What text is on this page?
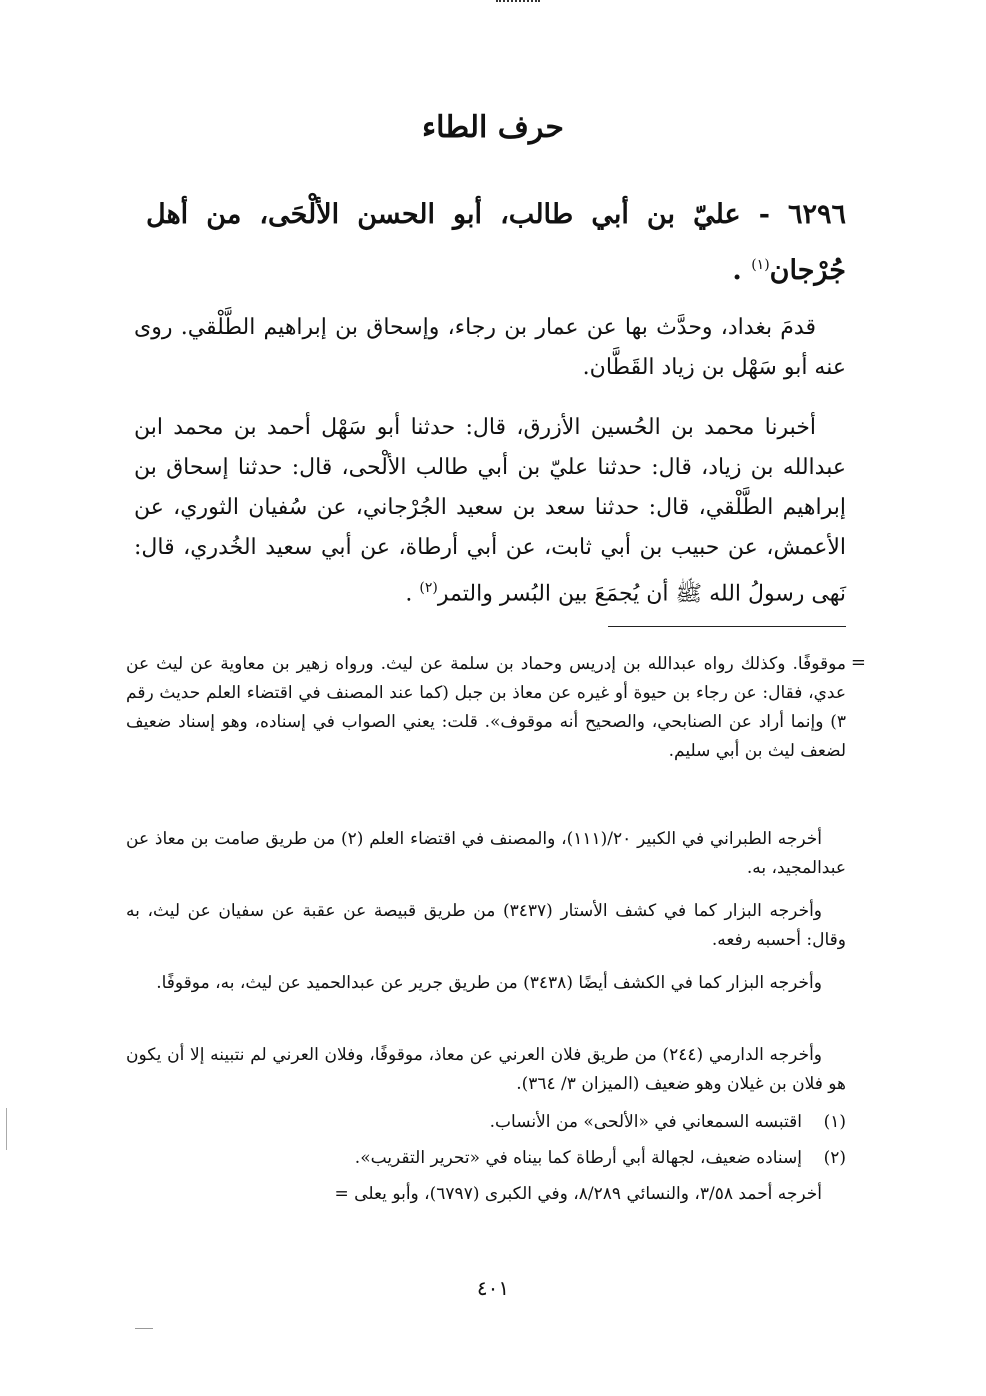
حرف الطاء
٦٢٩٦ - عليّ بن أبي طالب، أبو الحسن الألْحَى، من أهل جُرْجان$^{(١)}$ .
قدمَ بغداد، وحدَّث بها عن عمار بن رجاء، وإسحاق بن إبراهيم الطَّلْقي. روى عنه أبو سَهْل بن زياد القَطَّان.
أخبرنا محمد بن الحُسين الأزرق، قال: حدثنا أبو سَهْل أحمد بن محمد ابن عبدالله بن زياد، قال: حدثنا عليّ بن أبي طالب الألْحى، قال: حدثنا إسحاق بن إبراهيم الطَّلْقي، قال: حدثنا سعد بن سعيد الجُرْجاني، عن سُفيان الثوري، عن الأعمش، عن حبيب بن أبي ثابت، عن أبي أرطاة، عن أبي سعيد الخُدري، قال: نَهى رسولُ الله ﷺ أن يُجمَعَ بين البُسر والتمر$^{(٢)}$ .
=
موقوفًا. وكذلك رواه عبدالله بن إدريس وحماد بن سلمة عن ليث. ورواه زهير بن معاوية عن ليث عن عدي، فقال: عن رجاء بن حيوة أو غيره عن معاذ بن جبل (كما عند المصنف في اقتضاء العلم حديث رقم ٣) وإنما أراد عن الصنابحي، والصحيح أنه موقوف». قلت: يعني الصواب في إسناده، وهو إسناد ضعيف لضعف ليث بن أبي سليم.
أخرجه الطبراني في الكبير ٢٠/(١١١)، والمصنف في اقتضاء العلم (٢) من طريق صامت بن معاذ عن عبدالمجيد، به.
وأخرجه البزار كما في كشف الأستار (٣٤٣٧) من طريق قبيصة عن عقبة عن سفيان عن ليث، به وقال: أحسبه رفعه.
وأخرجه البزار كما في الكشف أيضًا (٣٤٣٨) من طريق جرير عن عبدالحميد عن ليث، به، موقوفًا.
وأخرجه الدارمي (٢٤٤) من طريق فلان العرني عن معاذ، موقوفًا، وفلان العرني لم نتبينه إلا أن يكون هو فلان بن غيلان وهو ضعيف (الميزان ٣/ ٣٦٤).
(١)اقتبسه السمعاني في «الألحى» من الأنساب.
(٢)إسناده ضعيف، لجهالة أبي أرطاة كما بيناه في «تحرير التقريب».
أخرجه أحمد ٣/٥٨، والنسائي ٨/٢٨٩، وفي الكبرى (٦٧٩٧)، وأبو يعلى =
٤٠١
